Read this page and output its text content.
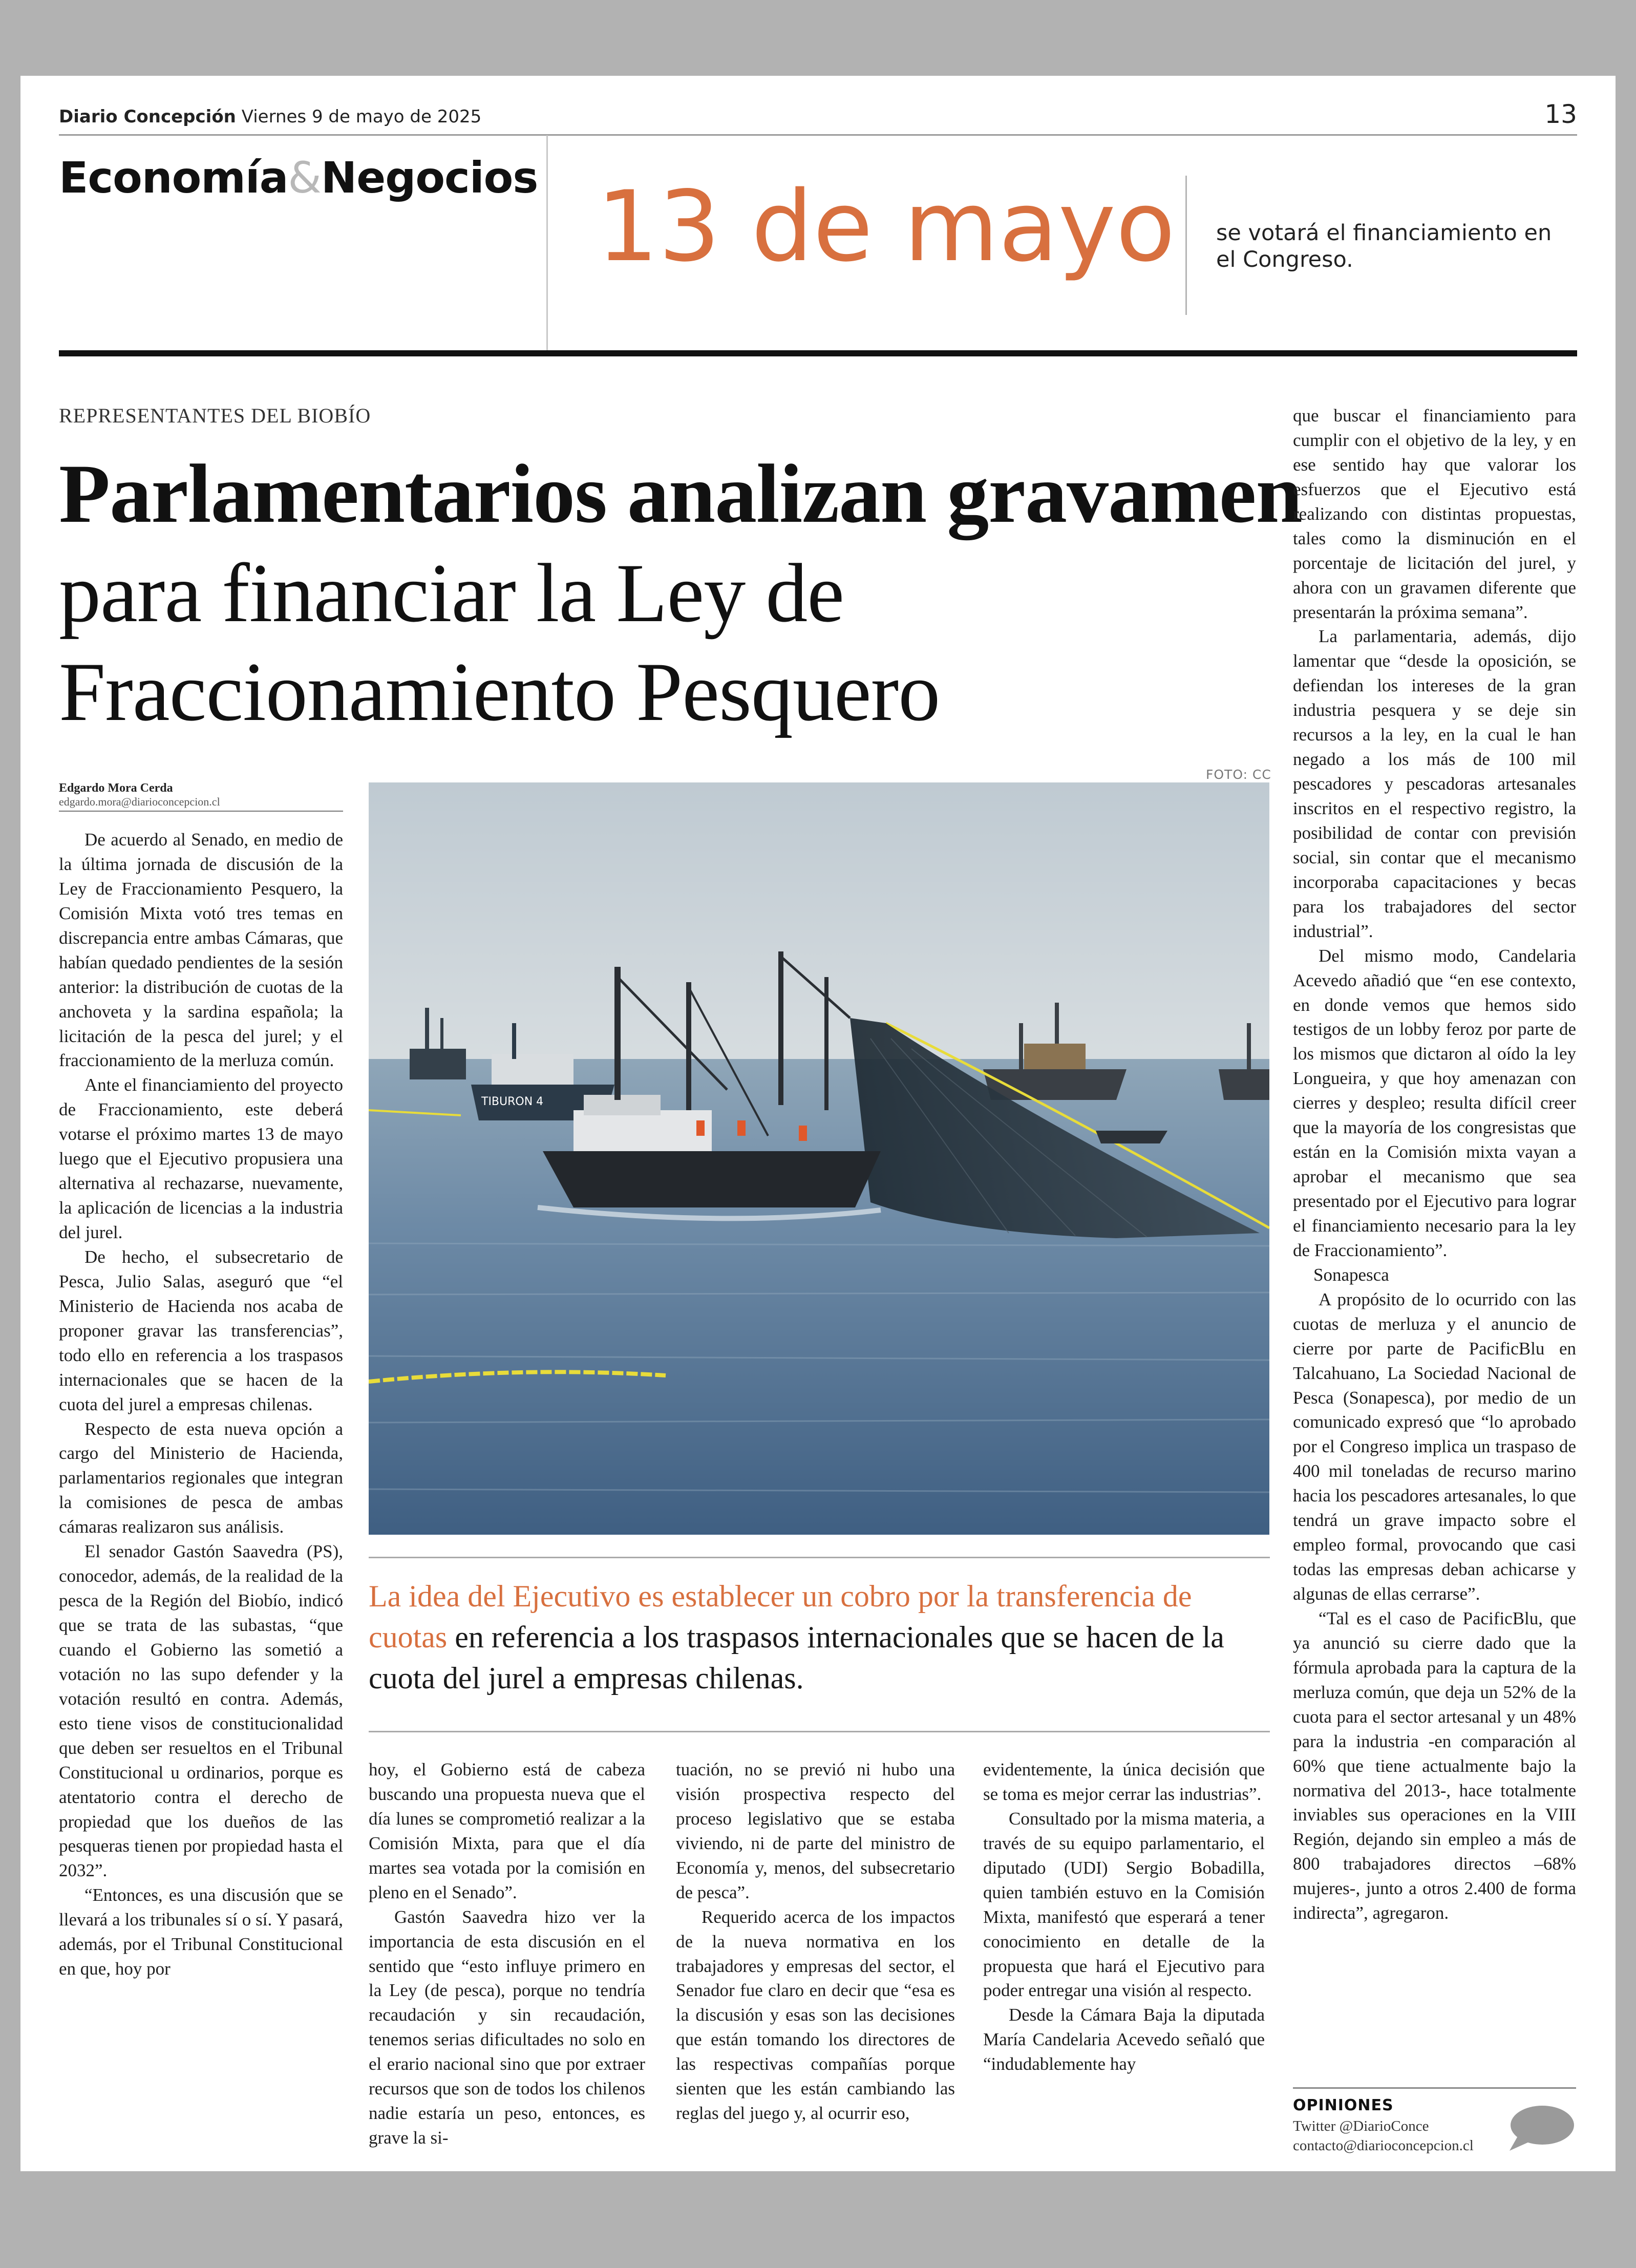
Diario Concepción Viernes 9 de mayo de 2025	13
Economía&Negocios 13 de mayo se votará el financiamiento en el Congreso.
REPRESENTANTES DEL BIOBÍO
Parlamentarios analizan gravamen para financiar la Ley de Fraccionamiento Pesquero
FOTO: CC
Edgardo Mora Cerda
edgardo.mora@diarioconcepcion.cl

De acuerdo al Senado, en medio de la última jornada de discusión de la Ley de Fraccionamiento Pesquero, la Comisión Mixta votó tres temas en discrepancia entre ambas Cámaras, que habían quedado pendientes de la sesión anterior: la distribución de cuotas de la anchoveta y la sardina española; la licitación de la pesca del jurel; y el fraccionamiento de la merluza común.

Ante el financiamiento del proyecto de Fraccionamiento, este deberá votarse el próximo martes 13 de mayo luego que el Ejecutivo propusiera una alternativa al rechazarse, nuevamente, la aplicación de licencias a la industria del jurel.

De hecho, el subsecretario de Pesca, Julio Salas, aseguró que “el Ministerio de Hacienda nos acaba de proponer gravar las transferencias”, todo ello en referencia a los traspasos internacionales que se hacen de la cuota del jurel a empresas chilenas.

Respecto de esta nueva opción a cargo del Ministerio de Hacienda, parlamentarios regionales que integran la comisiones de pesca de ambas cámaras realizaron sus análisis.

El senador Gastón Saavedra (PS), conocedor, además, de la realidad de la pesca de la Región del Biobío, indicó que se trata de las subastas, “que cuando el Gobierno las sometió a votación no las supo defender y la votación resultó en contra. Además, esto tiene visos de constitucionalidad que deben ser resueltos en el Tribunal Constitucional u ordinarios, porque es atentatorio contra el derecho de propiedad que los dueños de las pesqueras tienen por propiedad hasta el 2032”.

“Entonces, es una discusión que se llevará a los tribunales sí o sí. Y pasará, además, por el Tribunal Constitucional en que, hoy por

TIBURON 4
La idea del Ejecutivo es establecer un cobro por la transferencia de cuotas en referencia a los traspasos internacionales que se hacen de la cuota del jurel a empresas chilenas.

hoy, el Gobierno está de cabeza buscando una propuesta nueva que el día lunes se comprometió realizar a la Comisión Mixta, para que el día martes sea votada por la comisión en pleno en el Senado”.

Gastón Saavedra hizo ver la importancia de esta discusión en el sentido que “esto influye primero en la Ley (de pesca), porque no tendría recaudación y sin recaudación, tenemos serias dificultades no solo en el erario nacional sino que por extraer recursos que son de todos los chilenos nadie estaría un peso, entonces, es grave la si-

tuación, no se previó ni hubo una visión prospectiva respecto del proceso legislativo que se estaba viviendo, ni de parte del ministro de Economía y, menos, del subsecretario de pesca”.

Requerido acerca de los impactos de la nueva normativa en los trabajadores y empresas del sector, el Senador fue claro en decir que “esa es la discusión y esas son las decisiones que están tomando los directores de las respectivas compañías porque sienten que les están cambiando las reglas del juego y, al ocurrir eso,

evidentemente, la única decisión que se toma es mejor cerrar las industrias”.

Consultado por la misma materia, a través de su equipo parlamentario, el diputado (UDI) Sergio Bobadilla, quien también estuvo en la Comisión Mixta, manifestó que esperará a tener conocimiento en detalle de la propuesta que hará el Ejecutivo para poder entregar una visión al respecto.

Desde la Cámara Baja la diputada María Candelaria Acevedo señaló que “indudablemente hay

que buscar el financiamiento para cumplir con el objetivo de la ley, y en ese sentido hay que valorar los esfuerzos que el Ejecutivo está realizando con distintas propuestas, tales como la disminución en el porcentaje de licitación del jurel, y ahora con un gravamen diferente que presentarán la próxima semana”.

La parlamentaria, además, dijo lamentar que “desde la oposición, se defiendan los intereses de la gran industria pesquera y se deje sin recursos a la ley, en la cual le han negado a los más de 100 mil pescadores y pescadoras artesanales inscritos en el respectivo registro, la posibilidad de contar con previsión social, sin contar que el mecanismo incorporaba capacitaciones y becas para los trabajadores del sector industrial”.

Del mismo modo, Candelaria Acevedo añadió que “en ese contexto, en donde vemos que hemos sido testigos de un lobby feroz por parte de los mismos que dictaron al oído la ley Longueira, y que hoy amenazan con cierres y despleo; resulta difícil creer que la mayoría de los congresistas que están en la Comisión mixta vayan a aprobar el mecanismo que sea presentado por el Ejecutivo para lograr el financiamiento necesario para la ley de Fraccionamiento”.

Sonapesca

A propósito de lo ocurrido con las cuotas de merluza y el anuncio de cierre por parte de PacificBlu en Talcahuano, La Sociedad Nacional de Pesca (Sonapesca), por medio de un comunicado expresó que “lo aprobado por el Congreso implica un traspaso de 400 mil toneladas de recurso marino hacia los pescadores artesanales, lo que tendrá un grave impacto sobre el empleo formal, provocando que casi todas las empresas deban achicarse y algunas de ellas cerrarse”.

“Tal es el caso de PacificBlu, que ya anunció su cierre dado que la fórmula aprobada para la captura de la merluza común, que deja un 52% de la cuota para el sector artesanal y un 48% para la industria -en comparación al 60% que tiene actualmente bajo la normativa del 2013-, hace totalmente inviables sus operaciones en la VIII Región, dejando sin empleo a más de 800 trabajadores directos –68% mujeres-, junto a otros 2.400 de forma indirecta”, agregaron.

OPINIONES
Twitter @DiarioConce
contacto@diarioconcepcion.cl
